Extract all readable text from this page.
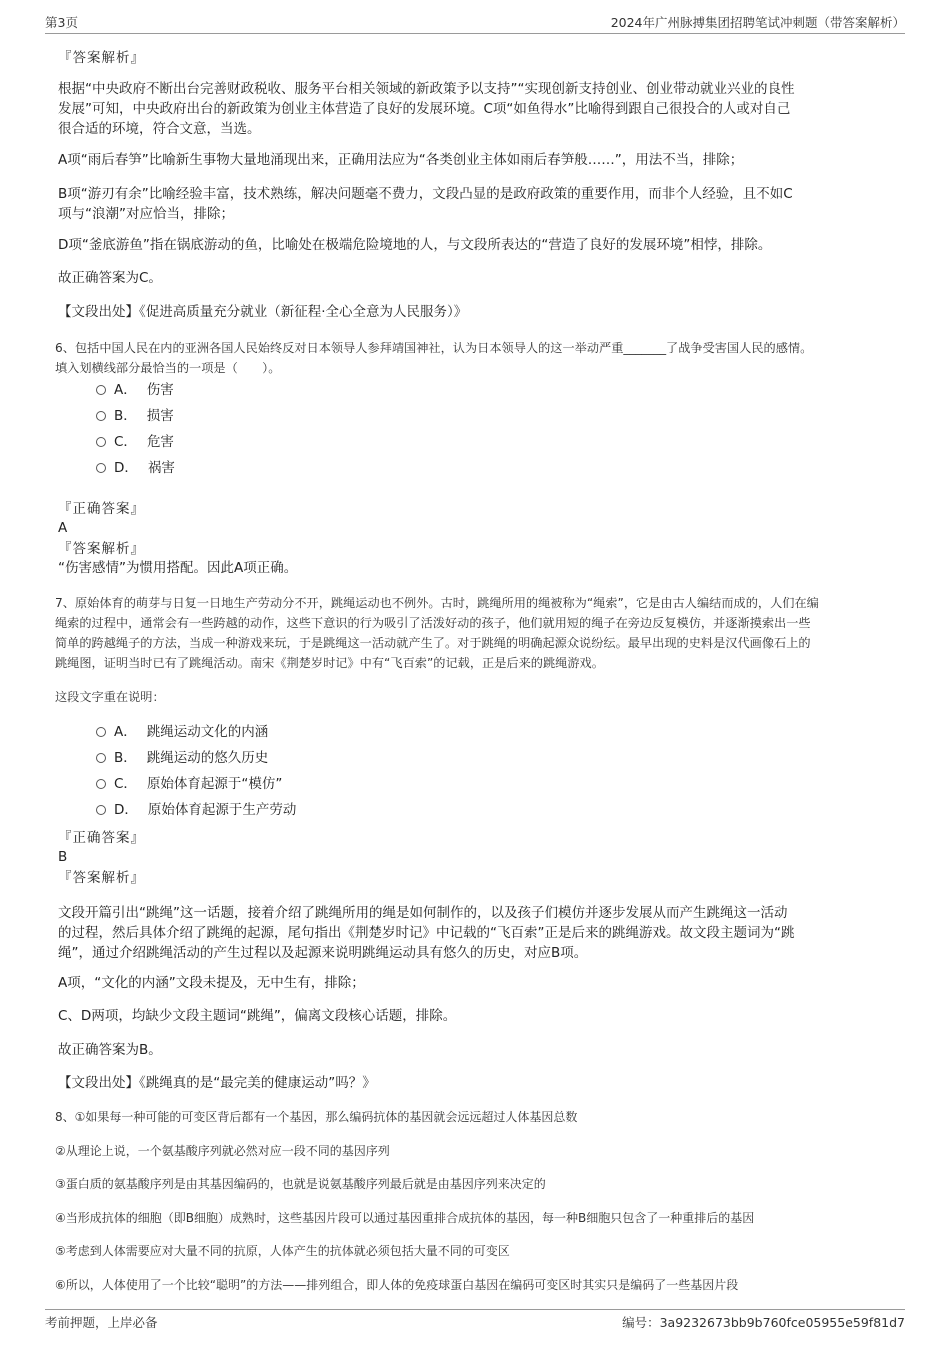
第3页	2024年广州脉搏集团招聘笔试冲刺题（带答案解析）
『答案解析』
根据“中央政府不断出台完善财政税收、服务平台相关领域的新政策予以支持”“实现创新支持创业、创业带动就业兴业的良性
发展”可知，中央政府出台的新政策为创业主体营造了良好的发展环境。C项“如鱼得水”比喻得到跟自己很投合的人或对自己
很合适的环境，符合文意，当选。
A项“雨后春笋”比喻新生事物大量地涌现出来，正确用法应为“各类创业主体如雨后春笋般……”，用法不当，排除；
B项“游刃有余”比喻经验丰富，技术熟练，解决问题毫不费力，文段凸显的是政府政策的重要作用，而非个人经验，且不如C
项与“浪潮”对应恰当，排除；
D项“釜底游鱼”指在锅底游动的鱼，比喻处在极端危险境地的人，与文段所表达的“营造了良好的发展环境”相悖，排除。
故正确答案为C。
【文段出处】《促进高质量充分就业（新征程·全心全意为人民服务）》
6、包括中国人民在内的亚洲各国人民始终反对日本领导人参拜靖国神社，认为日本领导人的这一举动严重_______了战争受害国人民的感情。
填入划横线部分最恰当的一项是（　　）。
A． 伤害
B． 损害
C． 危害
D． 祸害
『正确答案』
A
『答案解析』
“伤害感情”为惯用搭配。因此A项正确。
7、原始体育的萌芽与日复一日地生产劳动分不开，跳绳运动也不例外。古时，跳绳所用的绳被称为“绳索”，它是由古人编结而成的，人们在编
绳索的过程中，通常会有一些跨越的动作，这些下意识的行为吸引了活泼好动的孩子，他们就用短的绳子在旁边反复模仿，并逐渐摸索出一些
简单的跨越绳子的方法，当成一种游戏来玩，于是跳绳这一活动就产生了。对于跳绳的明确起源众说纷纭。最早出现的史料是汉代画像石上的
跳绳图，证明当时已有了跳绳活动。南宋《荆楚岁时记》中有“飞百索”的记载，正是后来的跳绳游戏。
这段文字重在说明：
A． 跳绳运动文化的内涵
B． 跳绳运动的悠久历史
C． 原始体育起源于“模仿”
D． 原始体育起源于生产劳动
『正确答案』
B
『答案解析』
文段开篇引出“跳绳”这一话题，接着介绍了跳绳所用的绳是如何制作的，以及孩子们模仿并逐步发展从而产生跳绳这一活动
的过程，然后具体介绍了跳绳的起源，尾句指出《荆楚岁时记》中记载的“飞百索”正是后来的跳绳游戏。故文段主题词为“跳
绳”，通过介绍跳绳活动的产生过程以及起源来说明跳绳运动具有悠久的历史，对应B项。
A项，“文化的内涵”文段未提及，无中生有，排除；
C、D两项，均缺少文段主题词“跳绳”，偏离文段核心话题，排除。
故正确答案为B。
【文段出处】《跳绳真的是“最完美的健康运动”吗？》
8、①如果每一种可能的可变区背后都有一个基因，那么编码抗体的基因就会远远超过人体基因总数
②从理论上说，一个氨基酸序列就必然对应一段不同的基因序列
③蛋白质的氨基酸序列是由其基因编码的，也就是说氨基酸序列最后就是由基因序列来决定的
④当形成抗体的细胞（即B细胞）成熟时，这些基因片段可以通过基因重排合成抗体的基因，每一种B细胞只包含了一种重排后的基因
⑤考虑到人体需要应对大量不同的抗原，人体产生的抗体就必须包括大量不同的可变区
⑥所以，人体使用了一个比较“聪明”的方法——排列组合，即人体的免疫球蛋白基因在编码可变区时其实只是编码了一些基因片段
考前押题，上岸必备	编号：3a9232673bb9b760fce05955e59f81d7
